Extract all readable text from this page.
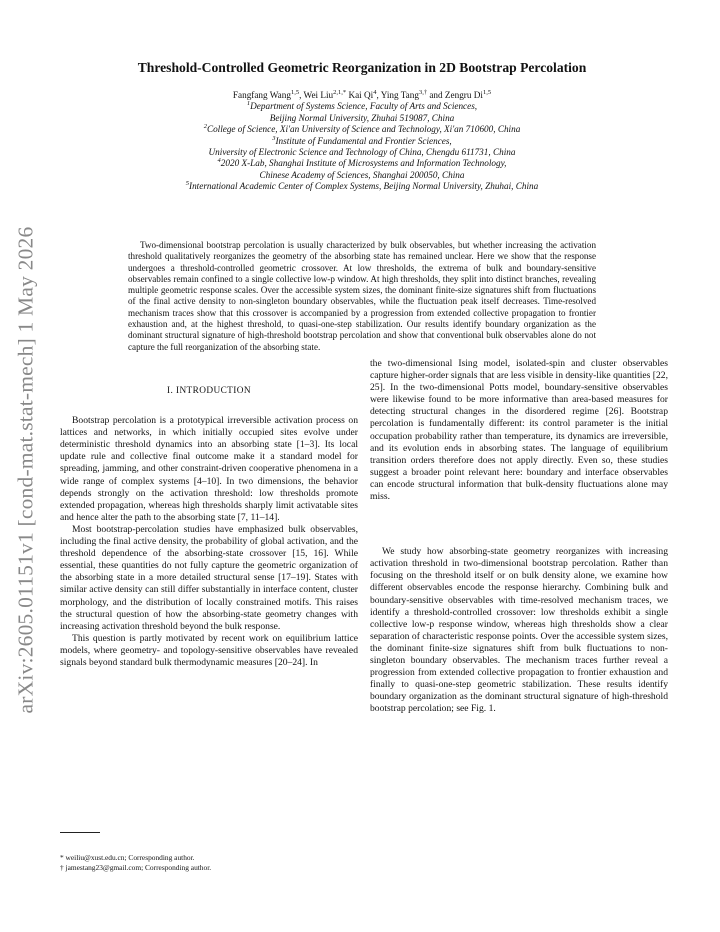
arXiv:2605.01151v1 [cond-mat.stat-mech] 1 May 2026
Threshold-Controlled Geometric Reorganization in 2D Bootstrap Percolation
Fangfang Wang$^{1,5}$, Wei Liu$^{2,1,*}$ Kai Qi$^4$, Ying Tang$^{3,\dagger}$ and Zengru Di$^{1,5}$
$^1$Department of Systems Science, Faculty of Arts and Sciences,
Beijing Normal University, Zhuhai 519087, China
$^2$College of Science, Xi'an University of Science and Technology, Xi'an 710600, China
$^3$Institute of Fundamental and Frontier Sciences,
University of Electronic Science and Technology of China, Chengdu 611731, China
$^4$2020 X-Lab, Shanghai Institute of Microsystems and Information Technology,
Chinese Academy of Sciences, Shanghai 200050, China
$^5$International Academic Center of Complex Systems, Beijing Normal University, Zhuhai, China
Two-dimensional bootstrap percolation is usually characterized by bulk observables, but whether increasing the activation threshold qualitatively reorganizes the geometry of the absorbing state has remained unclear. Here we show that the response undergoes a threshold-controlled geometric crossover. At low thresholds, the extrema of bulk and boundary-sensitive observables remain confined to a single collective low-p window. At high thresholds, they split into distinct branches, revealing multiple geometric response scales. Over the accessible system sizes, the dominant finite-size signatures shift from fluctuations of the final active density to non-singleton boundary observables, while the fluctuation peak itself decreases. Time-resolved mechanism traces show that this crossover is accompanied by a progression from extended collective propagation to frontier exhaustion and, at the highest threshold, to quasi-one-step stabilization. Our results identify boundary organization as the dominant structural signature of high-threshold bootstrap percolation and show that conventional bulk observables alone do not capture the full reorganization of the absorbing state.

I. INTRODUCTION

Bootstrap percolation is a prototypical irreversible activation process on lattices and networks, in which initially occupied sites evolve under deterministic threshold dynamics into an absorbing state [1–3]. Its local update rule and collective final outcome make it a standard model for spreading, jamming, and other constraint-driven cooperative phenomena in a wide range of complex systems [4–10]. In two dimensions, the behavior depends strongly on the activation threshold: low thresholds promote extended propagation, whereas high thresholds sharply limit activatable sites and hence alter the path to the absorbing state [7, 11–14].

Most bootstrap-percolation studies have emphasized bulk observables, including the final active density, the probability of global activation, and the threshold dependence of the absorbing-state crossover [15, 16]. While essential, these quantities do not fully capture the geometric organization of the absorbing state in a more detailed structural sense [17–19]. States with similar active density can still differ substantially in interface content, cluster morphology, and the distribution of locally constrained motifs. This raises the structural question of how the absorbing-state geometry changes with increasing activation threshold beyond the bulk response.

This question is partly motivated by recent work on equilibrium lattice models, where geometry- and topology-sensitive observables have revealed signals beyond standard bulk thermodynamic measures [20–24]. In

the two-dimensional Ising model, isolated-spin and cluster observables capture higher-order signals that are less visible in density-like quantities [22, 25]. In the two-dimensional Potts model, boundary-sensitive observables were likewise found to be more informative than area-based measures for detecting structural changes in the disordered regime [26]. Bootstrap percolation is fundamentally different: its control parameter is the initial occupation probability rather than temperature, its dynamics are irreversible, and its evolution ends in absorbing states. The language of equilibrium transition orders therefore does not apply directly. Even so, these studies suggest a broader point relevant here: boundary and interface observables can encode structural information that bulk-density fluctuations alone may miss.

We study how absorbing-state geometry reorganizes with increasing activation threshold in two-dimensional bootstrap percolation. Rather than focusing on the threshold itself or on bulk density alone, we examine how different observables encode the response hierarchy. Combining bulk and boundary-sensitive observables with time-resolved mechanism traces, we identify a threshold-controlled crossover: low thresholds exhibit a single collective low-p response window, whereas high thresholds show a clear separation of characteristic response points. Over the accessible system sizes, the dominant finite-size signatures shift from bulk fluctuations to non-singleton boundary observables. The mechanism traces further reveal a progression from extended collective propagation to frontier exhaustion and finally to quasi-one-step geometric stabilization. These results identify boundary organization as the dominant structural signature of high-threshold bootstrap percolation; see Fig. 1.

* weiliu@xust.edu.cn; Corresponding author.
† jamestang23@gmail.com; Corresponding author.
